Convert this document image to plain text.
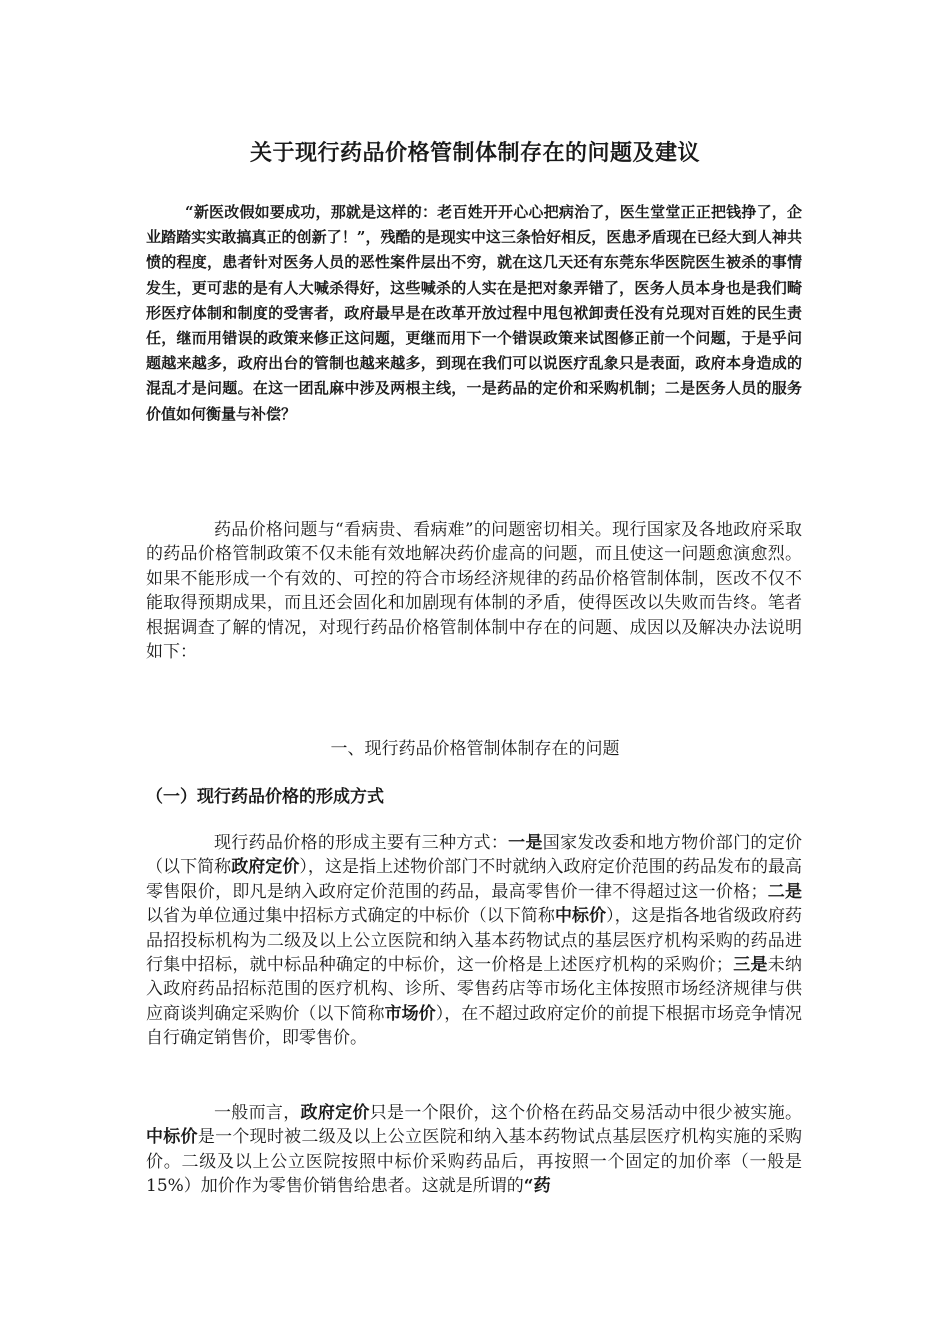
关于现行药品价格管制体制存在的问题及建议

“新医改假如要成功，那就是这样的：老百姓开开心心把病治了，医生堂堂正正把钱挣了，企业踏踏实实敢搞真正的创新了！”，残酷的是现实中这三条恰好相反，医患矛盾现在已经大到人神共愤的程度，患者针对医务人员的恶性案件层出不穷，就在这几天还有东莞东华医院医生被杀的事情发生，更可悲的是有人大喊杀得好，这些喊杀的人实在是把对象弄错了，医务人员本身也是我们畸形医疗体制和制度的受害者，政府最早是在改革开放过程中甩包袱卸责任没有兑现对百姓的民生责任，继而用错误的政策来修正这问题，更继而用下一个错误政策来试图修正前一个问题，于是乎问题越来越多，政府出台的管制也越来越多，到现在我们可以说医疗乱象只是表面，政府本身造成的混乱才是问题。在这一团乱麻中涉及两根主线，一是药品的定价和采购机制；二是医务人员的服务价值如何衡量与补偿？

药品价格问题与“看病贵、看病难”的问题密切相关。现行国家及各地政府采取的药品价格管制政策不仅未能有效地解决药价虚高的问题，而且使这一问题愈演愈烈。如果不能形成一个有效的、可控的符合市场经济规律的药品价格管制体制，医改不仅不能取得预期成果，而且还会固化和加剧现有体制的矛盾，使得医改以失败而告终。笔者根据调查了解的情况，对现行药品价格管制体制中存在的问题、成因以及解决办法说明如下：

一、现行药品价格管制体制存在的问题
（一）现行药品价格的形成方式

现行药品价格的形成主要有三种方式：一是国家发改委和地方物价部门的定价（以下简称政府定价），这是指上述物价部门不时就纳入政府定价范围的药品发布的最高零售限价，即凡是纳入政府定价范围的药品，最高零售价一律不得超过这一价格；二是以省为单位通过集中招标方式确定的中标价（以下简称中标价），这是指各地省级政府药品招投标机构为二级及以上公立医院和纳入基本药物试点的基层医疗机构采购的药品进行集中招标，就中标品种确定的中标价，这一价格是上述医疗机构的采购价；三是未纳入政府药品招标范围的医疗机构、诊所、零售药店等市场化主体按照市场经济规律与供应商谈判确定采购价（以下简称市场价），在不超过政府定价的前提下根据市场竞争情况自行确定销售价，即零售价。

一般而言，政府定价只是一个限价，这个价格在药品交易活动中很少被实施。中标价是一个现时被二级及以上公立医院和纳入基本药物试点基层医疗机构实施的采购价。二级及以上公立医院按照中标价采购药品后，再按照一个固定的加价率（一般是15%）加价作为零售价销售给患者。这就是所谓的“药
